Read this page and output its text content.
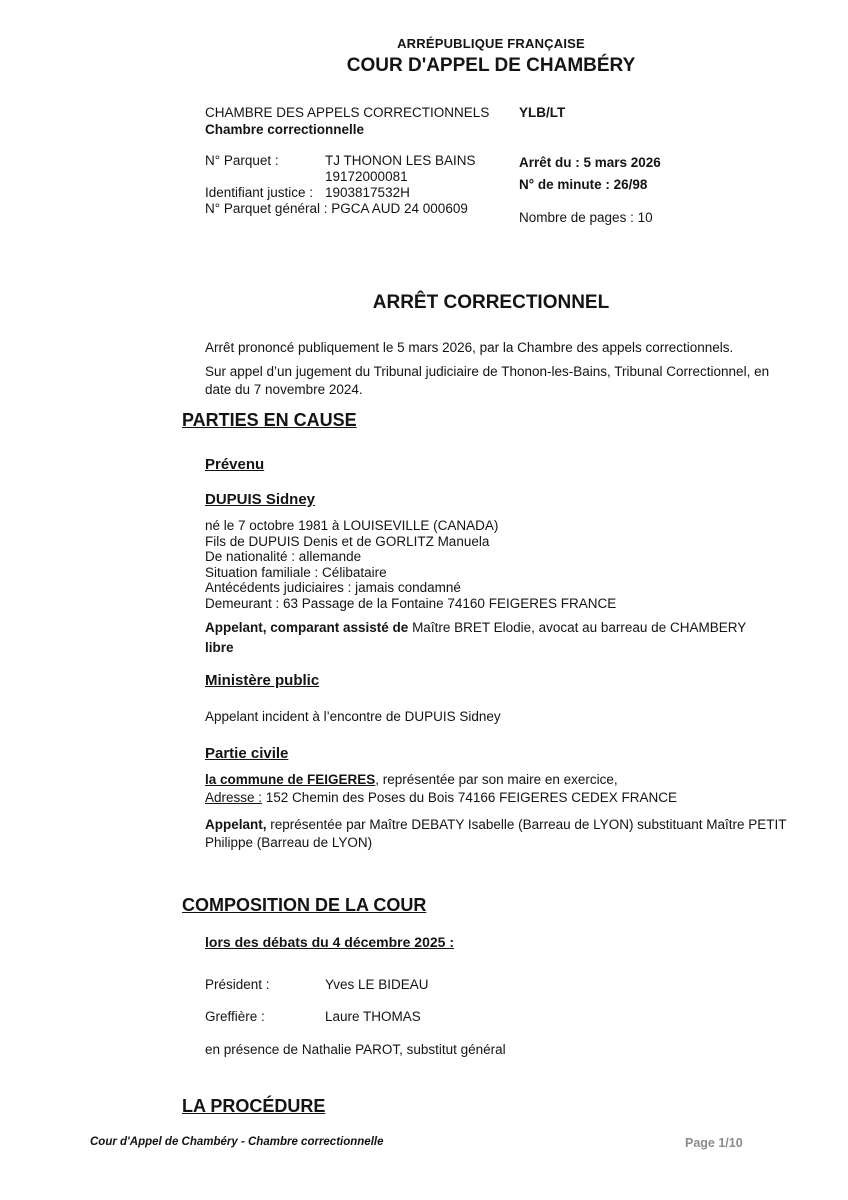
ARRÉPUBLIQUE FRANÇAISE
COUR D'APPEL DE CHAMBÉRY
CHAMBRE DES APPELS CORRECTIONNELS
Chambre correctionnelle
N° Parquet :	TJ THONON LES BAINS
19172000081
Identifiant justice : 1903817532H
N° Parquet général : PGCA AUD 24 000609
YLB/LT
Arrêt du : 5 mars 2026
N° de minute : 26/98
Nombre de pages : 10
ARRÊT CORRECTIONNEL
Arrêt prononcé publiquement le 5 mars 2026, par la Chambre des appels correctionnels.
Sur appel d’un jugement du Tribunal judiciaire de Thonon-les-Bains, Tribunal Correctionnel, en date du 7 novembre 2024.
PARTIES EN CAUSE
Prévenu
DUPUIS Sidney
né le 7 octobre 1981 à LOUISEVILLE (CANADA)
Fils de DUPUIS Denis et de GORLITZ Manuela
De nationalité : allemande
Situation familiale : Célibataire
Antécédents judiciaires : jamais condamné
Demeurant : 63 Passage de la Fontaine 74160 FEIGERES FRANCE
Appelant, comparant assisté de Maître BRET Elodie, avocat au barreau de CHAMBERY
libre
Ministère public
Appelant incident à l’encontre de DUPUIS Sidney
Partie civile
la commune de FEIGERES, représentée par son maire en exercice,
Adresse : 152 Chemin des Poses du Bois 74166 FEIGERES CEDEX FRANCE
Appelant, représentée par Maître DEBATY Isabelle (Barreau de LYON) substituant Maître PETIT Philippe (Barreau de LYON)
COMPOSITION DE LA COUR
lors des débats du 4 décembre 2025 :
Président :	Yves LE BIDEAU
Greffière :	Laure THOMAS
en présence de Nathalie PAROT, substitut général
LA PROCÉDURE
Cour d'Appel de Chambéry - Chambre correctionnelle	Page 1/10
